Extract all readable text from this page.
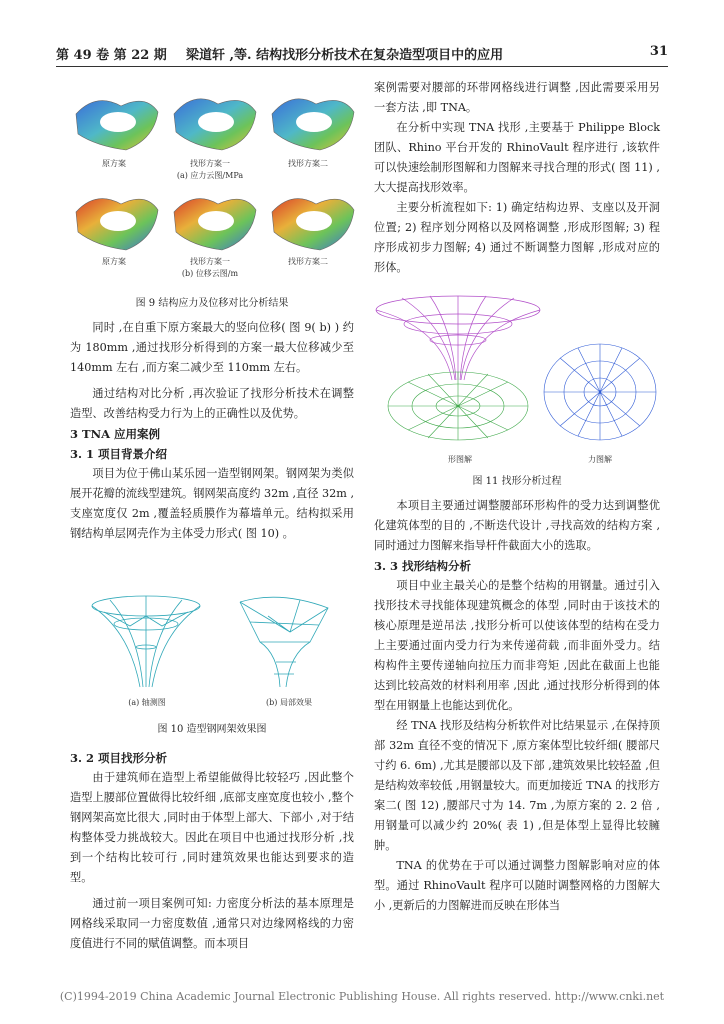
第 49 卷 第 22 期 梁道轩 ,等. 结构找形分析技术在复杂造型项目中的应用	31
原方案	找形方案一	找形方案二
(a) 应力云图/MPa
原方案	找形方案一	找形方案二
(b) 位移云图/m
图 9 结构应力及位移对比分析结果

同时 ,在自重下原方案最大的竖向位移( 图 9( b) ) 约为 180mm ,通过找形分析得到的方案一最大位移减少至 140mm 左右 ,而方案二减少至 110mm 左右。

通过结构对比分析 ,再次验证了找形分析技术在调整造型、改善结构受力行为上的正确性以及优势。

3 TNA 应用案例
3. 1 项目背景介绍

项目为位于佛山某乐园一造型钢网架。钢网架为类似展开花瓣的流线型建筑。钢网架高度约 32m ,直径 32m ,支座宽度仅 2m ,覆盖轻质膜作为幕墙单元。结构拟采用钢结构单层网壳作为主体受力形式( 图 10) 。

(a) 轴测图	(b) 局部效果
图 10 造型钢网架效果图
3. 2 项目找形分析

由于建筑师在造型上希望能做得比较轻巧 ,因此整个造型上腰部位置做得比较纤细 ,底部支座宽度也较小 ,整个钢网架高宽比很大 ,同时由于体型上部大、下部小 ,对于结构整体受力挑战较大。因此在项目中也通过找形分析 ,找到一个结构比较可行 ,同时建筑效果也能达到要求的造型。

通过前一项目案例可知: 力密度分析法的基本原理是网格线采取同一力密度数值 ,通常只对边缘网格线的力密度值进行不同的赋值调整。而本项目

案例需要对腰部的环带网格线进行调整 ,因此需要采用另一套方法 ,即 TNA。

在分析中实现 TNA 找形 ,主要基于 Philippe Block 团队、Rhino 平台开发的 RhinoVault 程序进行 ,该软件可以快速绘制形图解和力图解来寻找合理的形式( 图 11) ,大大提高找形效率。

主要分析流程如下: 1) 确定结构边界、支座以及开洞位置; 2) 程序划分网格以及网格调整 ,形成形图解; 3) 程序形成初步力图解; 4) 通过不断调整力图解 ,形成对应的形体。

形图解	力图解
图 11 找形分析过程

本项目主要通过调整腰部环形构件的受力达到调整优化建筑体型的目的 ,不断迭代设计 ,寻找高效的结构方案 ,同时通过力图解来指导杆件截面大小的选取。

3. 3 找形结构分析

项目中业主最关心的是整个结构的用钢量。通过引入找形技术寻找能体现建筑概念的体型 ,同时由于该技术的核心原理是逆吊法 ,找形分析可以使该体型的结构在受力上主要通过面内受力行为来传递荷载 ,而非面外受力。结构构件主要传递轴向拉压力而非弯矩 ,因此在截面上也能达到比较高效的材料利用率 ,因此 ,通过找形分析得到的体型在用钢量上也能达到优化。

经 TNA 找形及结构分析软件对比结果显示 ,在保持顶部 32m 直径不变的情况下 ,原方案体型比较纤细( 腰部尺寸约 6. 6m) ,尤其是腰部以及下部 ,建筑效果比较轻盈 ,但是结构效率较低 ,用钢量较大。而更加接近 TNA 的找形方案二( 图 12) ,腰部尺寸为 14. 7m ,为原方案的 2. 2 倍 ,用钢量可以减少约 20%( 表 1) ,但是体型上显得比较臃肿。

TNA 的优势在于可以通过调整力图解影响对应的体型。通过 RhinoVault 程序可以随时调整网格的力图解大小 ,更新后的力图解进而反映在形体当

(C)1994-2019 China Academic Journal Electronic Publishing House. All rights reserved. http://www.cnki.net
